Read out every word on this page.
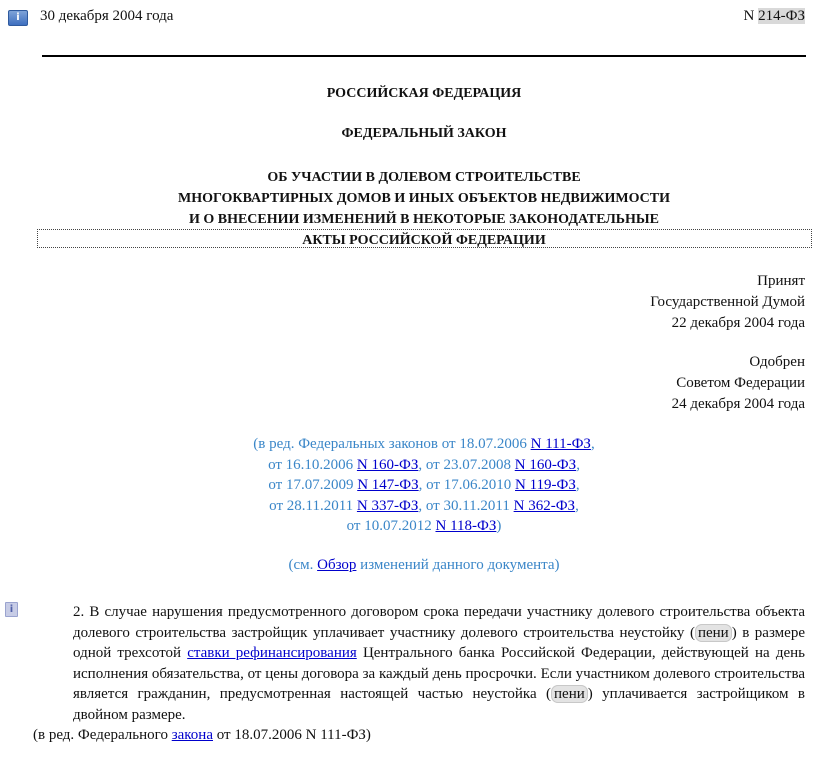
i	30 декабря 2004 года	N 214-ФЗ
РОССИЙСКАЯ ФЕДЕРАЦИЯ
ФЕДЕРАЛЬНЫЙ ЗАКОН
ОБ УЧАСТИИ В ДОЛЕВОМ СТРОИТЕЛЬСТВЕ
МНОГОКВАРТИРНЫХ ДОМОВ И ИНЫХ ОБЪЕКТОВ НЕДВИЖИМОСТИ
И О ВНЕСЕНИИ ИЗМЕНЕНИЙ В НЕКОТОРЫЕ ЗАКОНОДАТЕЛЬНЫЕ
АКТЫ РОССИЙСКОЙ ФЕДЕРАЦИИ
Принят
Государственной Думой
22 декабря 2004 года
Одобрен
Советом Федерации
24 декабря 2004 года
(в ред. Федеральных законов от 18.07.2006 N 111-ФЗ,
от 16.10.2006 N 160-ФЗ, от 23.07.2008 N 160-ФЗ,
от 17.07.2009 N 147-ФЗ, от 17.06.2010 N 119-ФЗ,
от 28.11.2011 N 337-ФЗ, от 30.11.2011 N 362-ФЗ,
от 10.07.2012 N 118-ФЗ)
(см. Обзор изменений данного документа)
i	2. В случае нарушения предусмотренного договором срока передачи участнику долевого строительства объекта долевого строительства застройщик уплачивает участнику долевого строительства неустойку ( пени ) в размере одной трехсотой ставки рефинансирования Центрального банка Российской Федерации, действующей на день исполнения обязательства, от цены договора за каждый день просрочки. Если участником долевого строительства является гражданин, предусмотренная настоящей частью неустойка ( пени ) уплачивается застройщиком в двойном размере.
(в ред. Федерального закона от 18.07.2006 N 111-ФЗ)
